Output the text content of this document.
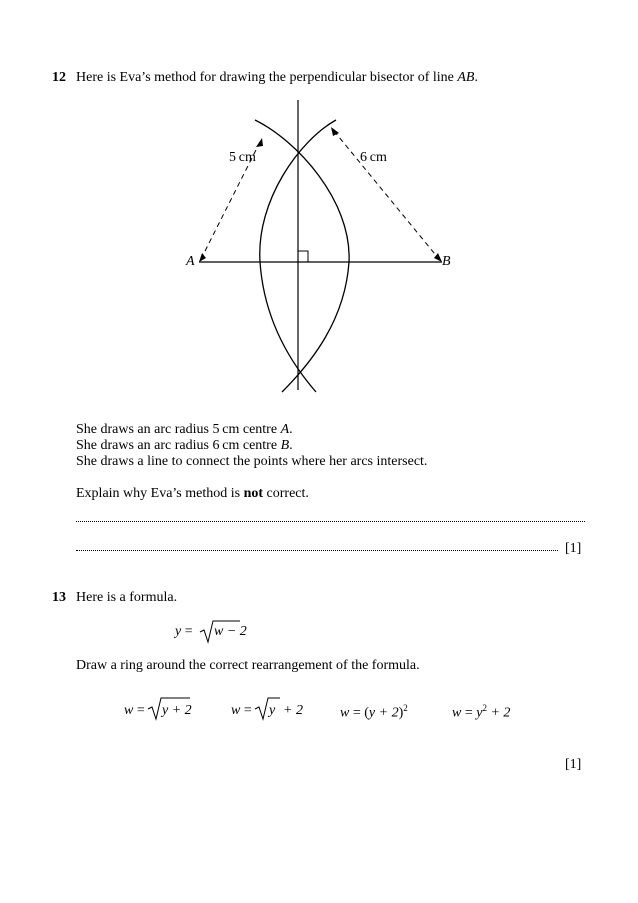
12 Here is Eva’s method for drawing the perpendicular bisector of line AB.
A	B
5 cm	6 cm
She draws an arc radius 5 cm centre A.
She draws an arc radius 6 cm centre B.
She draws a line to connect the points where her arcs intersect.
Explain why Eva’s method is not correct.
[1]
13 Here is a formula.
y = w − 2
Draw a ring around the correct rearrangement of the formula.
w = y + 2	w = y + 2	$w = (y + 2)^2$	$w = y^2 + 2$
[1]
